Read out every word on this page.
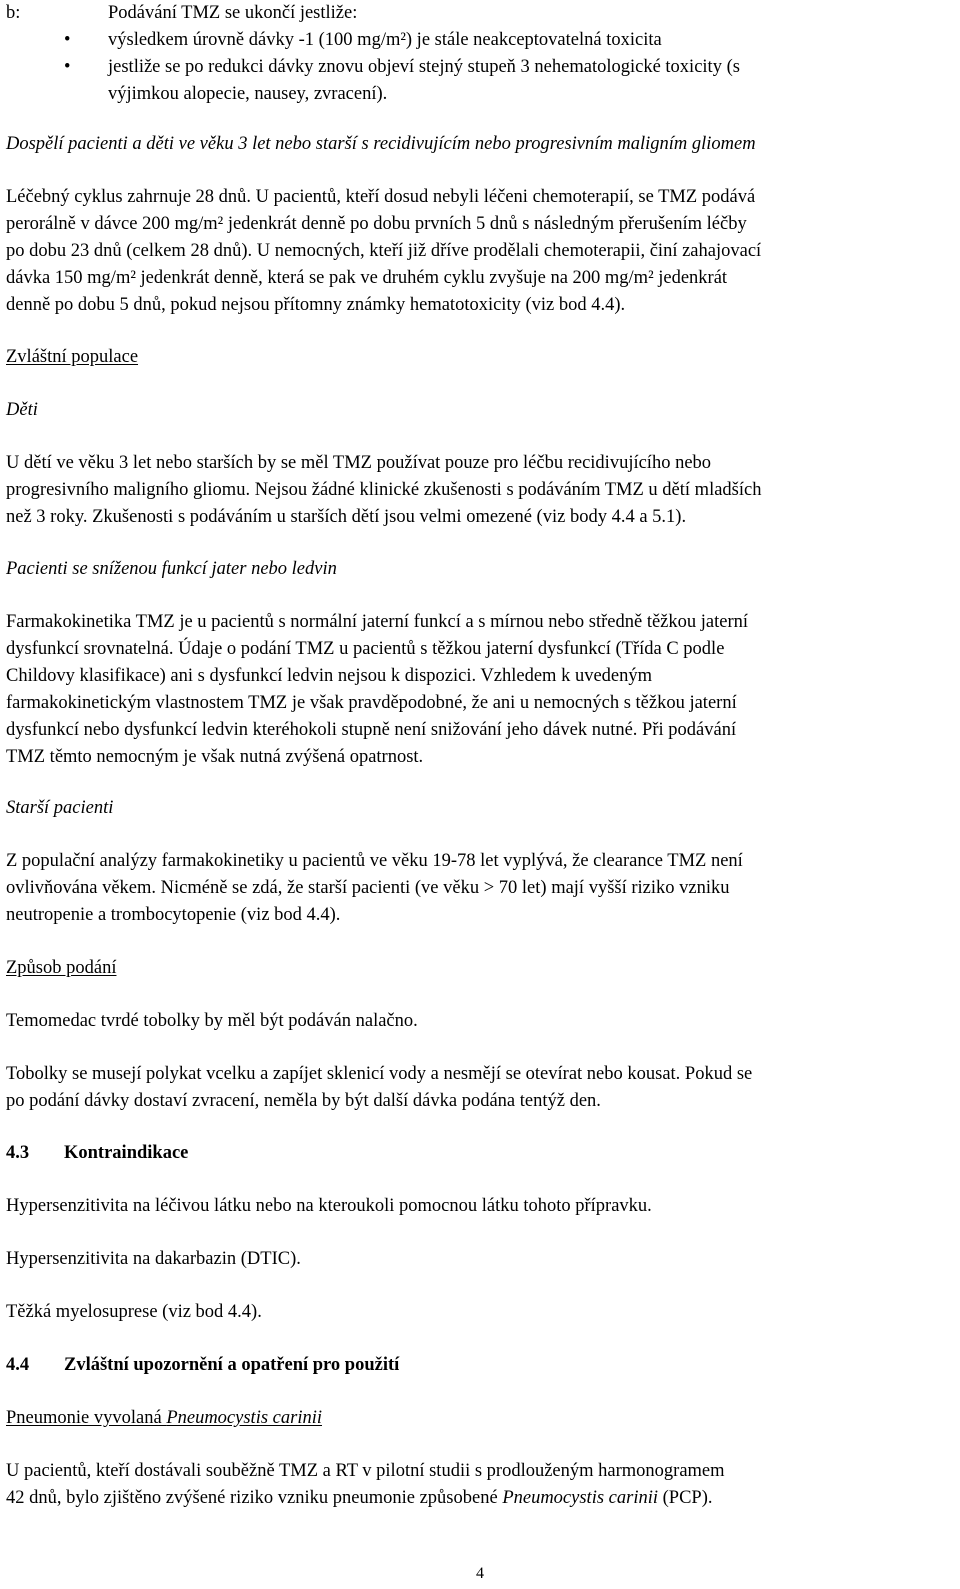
b:	Podávání TMZ se ukončí jestliže:
• výsledkem úrovně dávky -1 (100 mg/m²) je stále neakceptovatelná toxicita
• jestliže se po redukci dávky znovu objeví stejný stupeň 3 nehematologické toxicity (s
výjimkou alopecie, nausey, zvracení).
Dospělí pacienti a děti ve věku 3 let nebo starší s recidivujícím nebo progresivním maligním gliomem
Léčebný cyklus zahrnuje 28 dnů. U pacientů, kteří dosud nebyli léčeni chemoterapií, se TMZ podává
perorálně v dávce 200 mg/m² jedenkrát denně po dobu prvních 5 dnů s následným přerušením léčby
po dobu 23 dnů (celkem 28 dnů). U nemocných, kteří již dříve prodělali chemoterapii, činí zahajovací
dávka 150 mg/m² jedenkrát denně, která se pak ve druhém cyklu zvyšuje na 200 mg/m² jedenkrát
denně po dobu 5 dnů, pokud nejsou přítomny známky hematotoxicity (viz bod 4.4).
Zvláštní populace
Děti
U dětí ve věku 3 let nebo starších by se měl TMZ používat pouze pro léčbu recidivujícího nebo
progresivního maligního gliomu. Nejsou žádné klinické zkušenosti s podáváním TMZ u dětí mladších
než 3 roky. Zkušenosti s podáváním u starších dětí jsou velmi omezené (viz body 4.4 a 5.1).
Pacienti se sníženou funkcí jater nebo ledvin
Farmakokinetika TMZ je u pacientů s normální jaterní funkcí a s mírnou nebo středně těžkou jaterní
dysfunkcí srovnatelná. Údaje o podání TMZ u pacientů s těžkou jaterní dysfunkcí (Třída C podle
Childovy klasifikace) ani s dysfunkcí ledvin nejsou k dispozici. Vzhledem k uvedeným
farmakokinetickým vlastnostem TMZ je však pravděpodobné, že ani u nemocných s těžkou jaterní
dysfunkcí nebo dysfunkcí ledvin kteréhokoli stupně není snižování jeho dávek nutné. Při podávání
TMZ těmto nemocným je však nutná zvýšená opatrnost.
Starší pacienti
Z populační analýzy farmakokinetiky u pacientů ve věku 19-78 let vyplývá, že clearance TMZ není
ovlivňována věkem. Nicméně se zdá, že starší pacienti (ve věku > 70 let) mají vyšší riziko vzniku
neutropenie a trombocytopenie (viz bod 4.4).
Způsob podání
Temomedac tvrdé tobolky by měl být podáván nalačno.
Tobolky se musejí polykat vcelku a zapíjet sklenicí vody a nesmějí se otevírat nebo kousat. Pokud se
po podání dávky dostaví zvracení, neměla by být další dávka podána tentýž den.
4.3 Kontraindikace
Hypersenzitivita na léčivou látku nebo na kteroukoli pomocnou látku tohoto přípravku.
Hypersenzitivita na dakarbazin (DTIC).
Těžká myelosuprese (viz bod 4.4).
4.4 Zvláštní upozornění a opatření pro použití
Pneumonie vyvolaná Pneumocystis carinii
U pacientů, kteří dostávali souběžně TMZ a RT v pilotní studii s prodlouženým harmonogramem
42 dnů, bylo zjištěno zvýšené riziko vzniku pneumonie způsobené Pneumocystis carinii (PCP).
4
